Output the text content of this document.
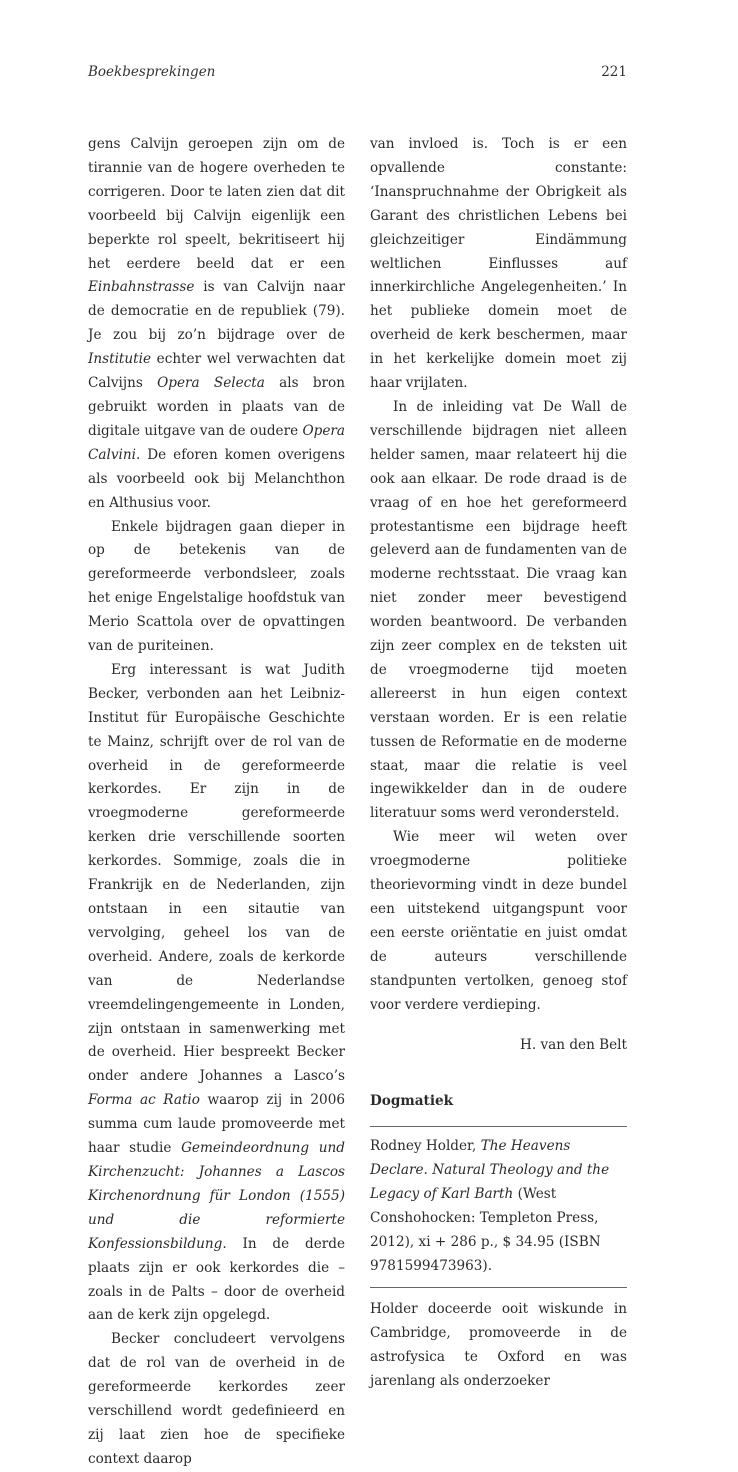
Boekbesprekingen	221

gens Calvijn geroepen zijn om de tirannie van de hogere overheden te corrigeren. Door te laten zien dat dit voorbeeld bij Calvijn eigenlijk een beperkte rol speelt, bekritiseert hij het eerdere beeld dat er een Einbahnstrasse is van Calvijn naar de democratie en de republiek (79). Je zou bij zo’n bijdrage over de Institutie echter wel verwachten dat Calvijns Opera Selecta als bron gebruikt worden in plaats van de digitale uitgave van de oudere Opera Calvini. De eforen komen overigens als voorbeeld ook bij Melanchthon en Althusius voor.

Enkele bijdragen gaan dieper in op de betekenis van de gereformeerde verbondsleer, zoals het enige Engelstalige hoofdstuk van Merio Scattola over de opvattingen van de puriteinen.

Erg interessant is wat Judith Becker, verbonden aan het Leibniz-Institut für Europäische Geschichte te Mainz, schrijft over de rol van de overheid in de gereformeerde kerkordes. Er zijn in de vroegmoderne gereformeerde kerken drie verschillende soorten kerkordes. Sommige, zoals die in Frankrijk en de Nederlanden, zijn ontstaan in een sitautie van vervolging, geheel los van de overheid. Andere, zoals de kerkorde van de Nederlandse vreemdelingengemeente in Londen, zijn ontstaan in samenwerking met de overheid. Hier bespreekt Becker onder andere Johannes a Lasco’s Forma ac Ratio waarop zij in 2006 summa cum laude promoveerde met haar studie Gemeindeordnung und Kirchenzucht: Johannes a Lascos Kirchenordnung für London (1555) und die reformierte Konfessionsbildung. In de derde plaats zijn er ook kerkordes die – zoals in de Palts – door de overheid aan de kerk zijn opgelegd.

Becker concludeert vervolgens dat de rol van de overheid in de gereformeerde kerkordes zeer verschillend wordt gedefinieerd en zij laat zien hoe de specifieke context daarop

van invloed is. Toch is er een opvallende constante: ‘Inanspruchnahme der Obrigkeit als Garant des christlichen Lebens bei gleichzeitiger Eindämmung weltlichen Einflusses auf innerkirchliche Angelegenheiten.’ In het publieke domein moet de overheid de kerk beschermen, maar in het kerkelijke domein moet zij haar vrijlaten.

In de inleiding vat De Wall de verschillende bijdragen niet alleen helder samen, maar relateert hij die ook aan elkaar. De rode draad is de vraag of en hoe het gereformeerd protestantisme een bijdrage heeft geleverd aan de fundamenten van de moderne rechtsstaat. Die vraag kan niet zonder meer bevestigend worden beantwoord. De verbanden zijn zeer complex en de teksten uit de vroegmoderne tijd moeten allereerst in hun eigen context verstaan worden. Er is een relatie tussen de Reformatie en de moderne staat, maar die relatie is veel ingewikkelder dan in de oudere literatuur soms werd verondersteld.

Wie meer wil weten over vroegmoderne politieke theorievorming vindt in deze bundel een uitstekend uitgangspunt voor een eerste oriëntatie en juist omdat de auteurs verschillende standpunten vertolken, genoeg stof voor verdere verdieping.

H. van den Belt

Dogmatiek

Rodney Holder, The Heavens Declare. Natural Theology and the Legacy of Karl Barth (West Conshohocken: Templeton Press, 2012), xi + 286 p., $ 34.95 (ISBN 9781599473963).

Holder doceerde ooit wiskunde in Cambridge, promoveerde in de astrofysica te Oxford en was jarenlang als onderzoeker
